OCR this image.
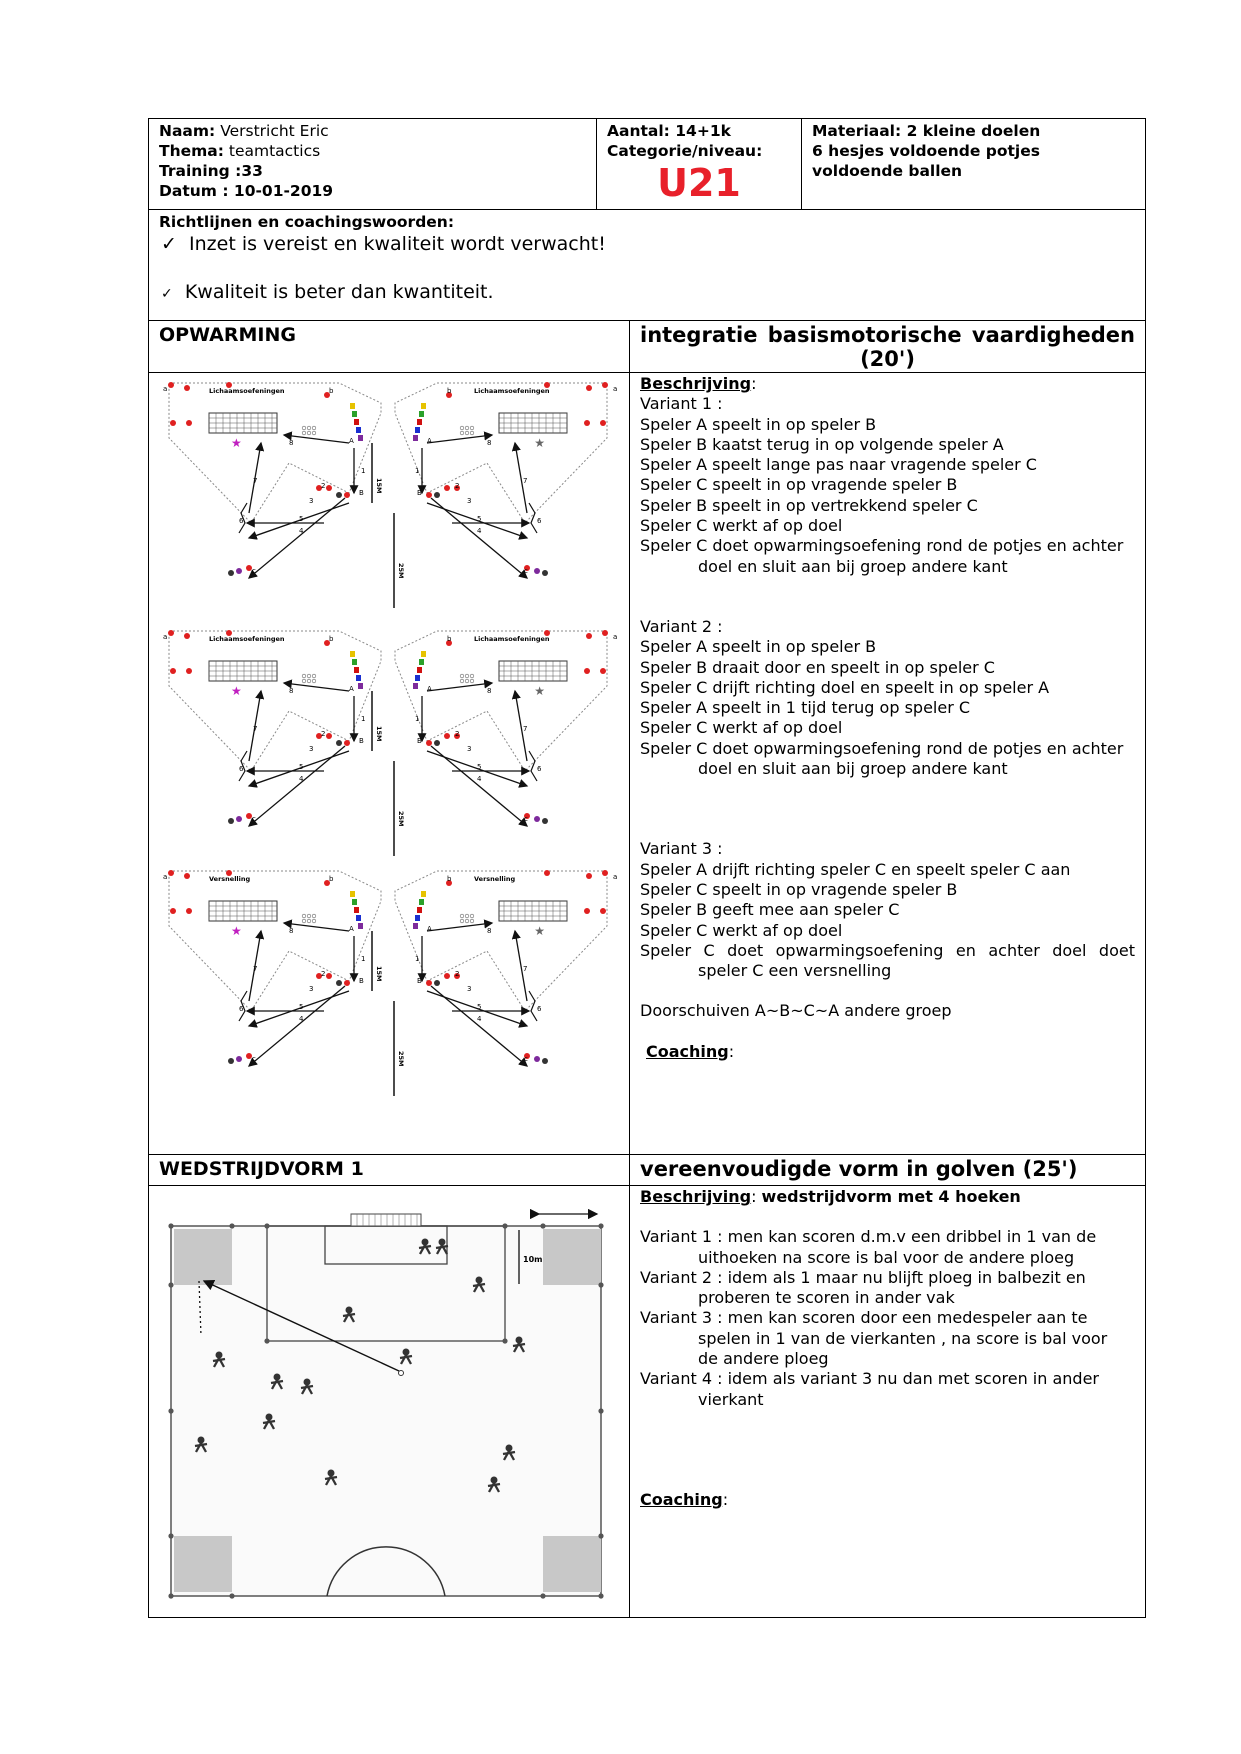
Naam: Verstricht Eric
Thema: teamtactics
Training :33
Datum : 10-01-2019
Aantal: 14+1k
Categorie/niveau:
U21
Materiaal: 2 kleine doelen
6 hesjes voldoende potjes
voldoende ballen
Richtlijnen en coachingswoorden:
✓ Inzet is vereist en kwaliteit wordt verwacht!
✓ Kwaliteit is beter dan kwantiteit.
OPWARMING	integratie basismotorische vaardigheden
(20')
★	A
B
c
b
a
8
1
2
3
4
5
6
7
★
A
B
c
b	a
8
1
2
3
4
5	6
7
Lichaamsoefeningen	Lichaamsoefeningen
★	A
B
c
b
a
8
1
2
3
4
5
6
7
★
A
B
c
b	a
8
1
2
3
4
5	6
7
Lichaamsoefeningen	Lichaamsoefeningen
★	A
B
c
b
a
8
1
2
3
4
5
6
7
★
A
B
c
b	a
8
1
2
3
4
5	6
7
Versnelling	Versnelling
15M
25M
15M
25M
15M
25M
Beschrijving:
Variant 1 :
Speler A speelt in op speler B
Speler B kaatst terug in op volgende speler A
Speler A speelt lange pas naar vragende speler C
Speler C speelt in op vragende speler B
Speler B speelt in op vertrekkend speler C
Speler C werkt af op doel
Speler C doet opwarmingsoefening rond de potjes en achter
doel en sluit aan bij groep andere kant
Variant 2 :
Speler A speelt in op speler B
Speler B draait door en speelt in op speler C
Speler C drijft richting doel en speelt in op speler A
Speler A speelt in 1 tijd terug op speler C
Speler C werkt af op doel
Speler C doet opwarmingsoefening rond de potjes en achter
doel en sluit aan bij groep andere kant
Variant 3 :
Speler A drijft richting speler C en speelt speler C aan
Speler C speelt in op vragende speler B
Speler B geeft mee aan speler C
Speler C werkt af op doel
Speler C doet opwarmingsoefening en achter doel doet
speler C een versnelling
Doorschuiven A~B~C~A andere groep
Coaching:
WEDSTRIJDVORM 1	vereenvoudigde vorm in golven (25')
10m
Beschrijving: wedstrijdvorm met 4 hoeken
Variant 1 : men kan scoren d.m.v een dribbel in 1 van de
uithoeken na score is bal voor de andere ploeg
Variant 2 : idem als 1 maar nu blijft ploeg in balbezit en
proberen te scoren in ander vak
Variant 3 : men kan scoren door een medespeler aan te
spelen in 1 van de vierkanten , na score is bal voor
de andere ploeg
Variant 4 : idem als variant 3 nu dan met scoren in ander
vierkant
Coaching:
